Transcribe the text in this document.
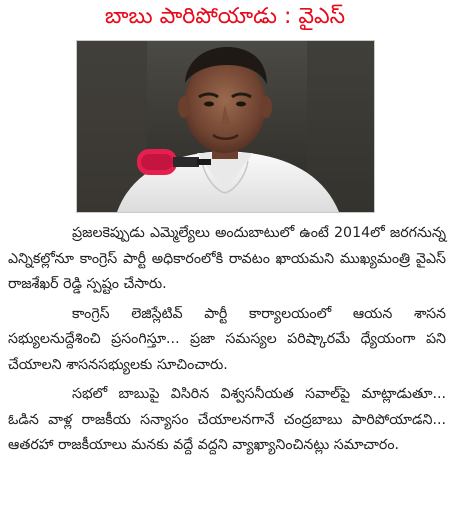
బాబు పారిపోయాడు : వైఎస్

ప్రజలకెప్పుడు ఎమ్మెల్యేలు అందుబాటులో ఉంటే 2014లో జరగనున్న ఎన్నికల్లోనూ కాంగ్రెస్ పార్టీ అధికారంలోకి రావటం ఖాయమని ముఖ్యమంత్రి వైఎస్ రాజశేఖర్ రెడ్డి స్పష్టం చేసారు.

కాంగ్రెస్ లెజిస్లేటివ్ పార్టీ కార్యాలయంలో ఆయన శాసన సభ్యులనుద్దేశించి ప్రసంగిస్తూ... ప్రజా సమస్యల పరిష్కారమే ధ్యేయంగా పని చేయాలని శాసనసభ్యులకు సూచించారు.

సభలో బాబుపై విసిరిన విశ్వసనీయత సవాల్‌పై మాట్లాడుతూ... ఓడిన వాళ్ల రాజకీయ సన్యాసం చేయాలనగానే చంద్రబాబు పారిపోయాడని... ఆతరహా రాజకీయాలు మనకు వద్దే వద్దని వ్యాఖ్యానించినట్లు సమాచారం.
